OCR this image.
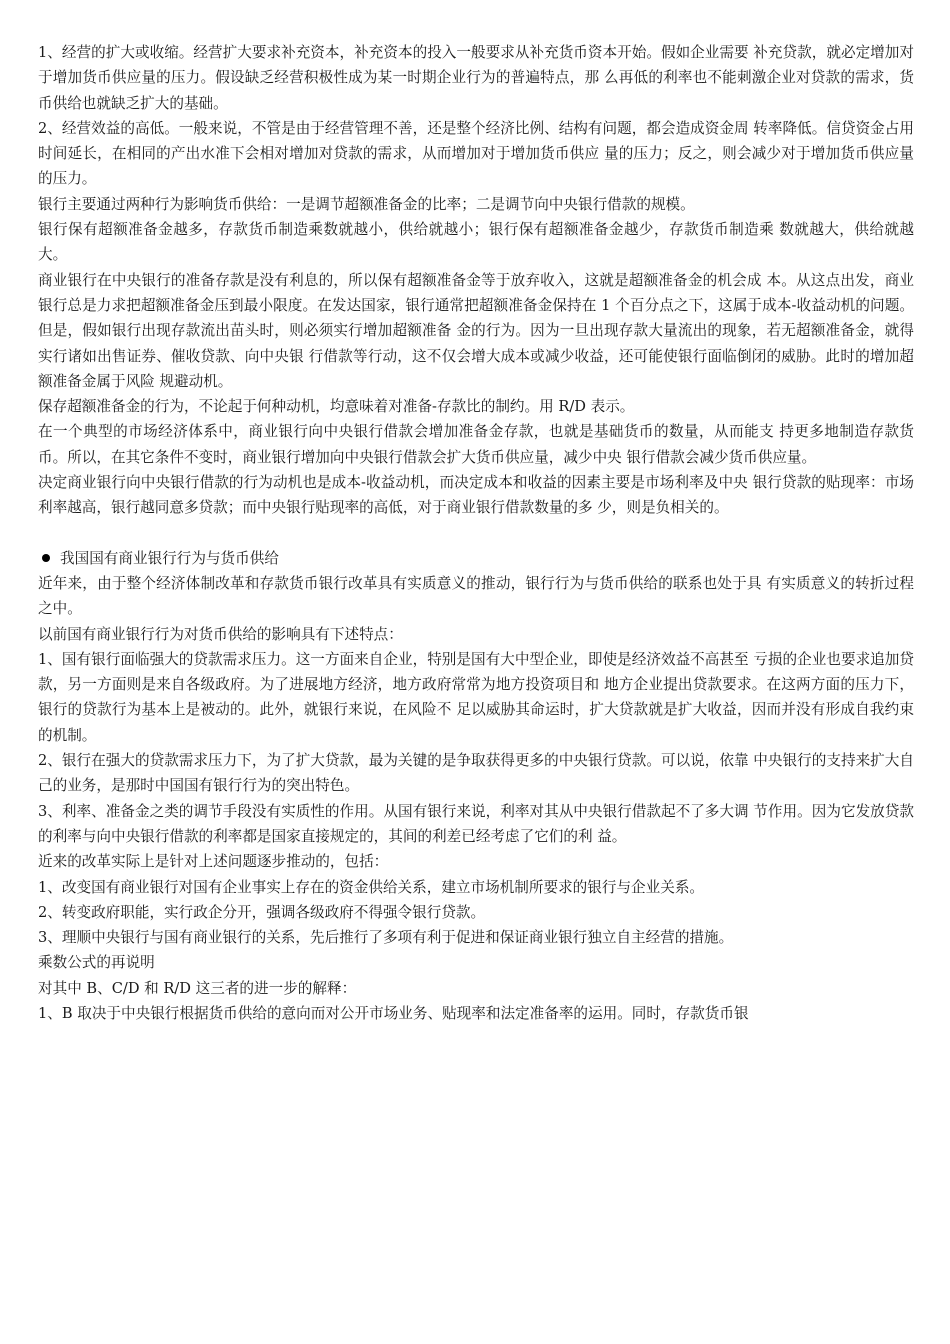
1、经营的扩大或收缩。经营扩大要求补充资本，补充资本的投入一般要求从补充货币资本开始。假如企业需要 补充贷款，就必定增加对于增加货币供应量的压力。假设缺乏经营积极性成为某一时期企业行为的普遍特点，那 么再低的利率也不能刺激企业对贷款的需求，货币供给也就缺乏扩大的基础。

2、经营效益的高低。一般来说，不管是由于经营管理不善，还是整个经济比例、结构有问题，都会造成资金周 转率降低。信贷资金占用时间延长，在相同的产出水准下会相对增加对贷款的需求，从而增加对于增加货币供应 量的压力；反之，则会减少对于增加货币供应量的压力。

银行主要通过两种行为影响货币供给：一是调节超额准备金的比率；二是调节向中央银行借款的规模。

银行保有超额准备金越多，存款货币制造乘数就越小，供给就越小；银行保有超额准备金越少，存款货币制造乘 数就越大，供给就越大。

商业银行在中央银行的准备存款是没有利息的，所以保有超额准备金等于放弃收入，这就是超额准备金的机会成 本。从这点出发，商业银行总是力求把超额准备金压到最小限度。在发达国家，银行通常把超额准备金保持在 1 个百分点之下，这属于成本-收益动机的问题。但是，假如银行出现存款流出苗头时，则必须实行增加超额准备 金的行为。因为一旦出现存款大量流出的现象，若无超额准备金，就得实行诸如出售证券、催收贷款、向中央银 行借款等行动，这不仅会增大成本或减少收益，还可能使银行面临倒闭的威胁。此时的增加超额准备金属于风险 规避动机。

保存超额准备金的行为，不论起于何种动机，均意味着对准备-存款比的制约。用 R/D 表示。

在一个典型的市场经济体系中，商业银行向中央银行借款会增加准备金存款，也就是基础货币的数量，从而能支 持更多地制造存款货币。所以，在其它条件不变时，商业银行增加向中央银行借款会扩大货币供应量，减少中央 银行借款会减少货币供应量。

决定商业银行向中央银行借款的行为动机也是成本-收益动机，而决定成本和收益的因素主要是市场利率及中央 银行贷款的贴现率：市场利率越高，银行越同意多贷款；而中央银行贴现率的高低，对于商业银行借款数量的多 少，则是负相关的。

我国国有商业银行行为与货币供给

近年来，由于整个经济体制改革和存款货币银行改革具有实质意义的推动，银行行为与货币供给的联系也处于具 有实质意义的转折过程之中。

以前国有商业银行行为对货币供给的影响具有下述特点：

1、国有银行面临强大的贷款需求压力。这一方面来自企业，特别是国有大中型企业，即使是经济效益不高甚至 亏损的企业也要求追加贷款，另一方面则是来自各级政府。为了进展地方经济，地方政府常常为地方投资项目和 地方企业提出贷款要求。在这两方面的压力下，银行的贷款行为基本上是被动的。此外，就银行来说，在风险不 足以威胁其命运时，扩大贷款就是扩大收益，因而并没有形成自我约束的机制。

2、银行在强大的贷款需求压力下，为了扩大贷款，最为关键的是争取获得更多的中央银行贷款。可以说，依靠 中央银行的支持来扩大自己的业务，是那时中国国有银行行为的突出特色。

3、利率、准备金之类的调节手段没有实质性的作用。从国有银行来说，利率对其从中央银行借款起不了多大调 节作用。因为它发放贷款的利率与向中央银行借款的利率都是国家直接规定的，其间的利差已经考虑了它们的利 益。

近来的改革实际上是针对上述问题逐步推动的，包括：

1、改变国有商业银行对国有企业事实上存在的资金供给关系，建立市场机制所要求的银行与企业关系。

2、转变政府职能，实行政企分开，强调各级政府不得强令银行贷款。

3、理顺中央银行与国有商业银行的关系，先后推行了多项有利于促进和保证商业银行独立自主经营的措施。

乘数公式的再说明

对其中 B、C/D 和 R/D 这三者的进一步的解释：

1、B 取决于中央银行根据货币供给的意向而对公开市场业务、贴现率和法定准备率的运用。同时，存款货币银
